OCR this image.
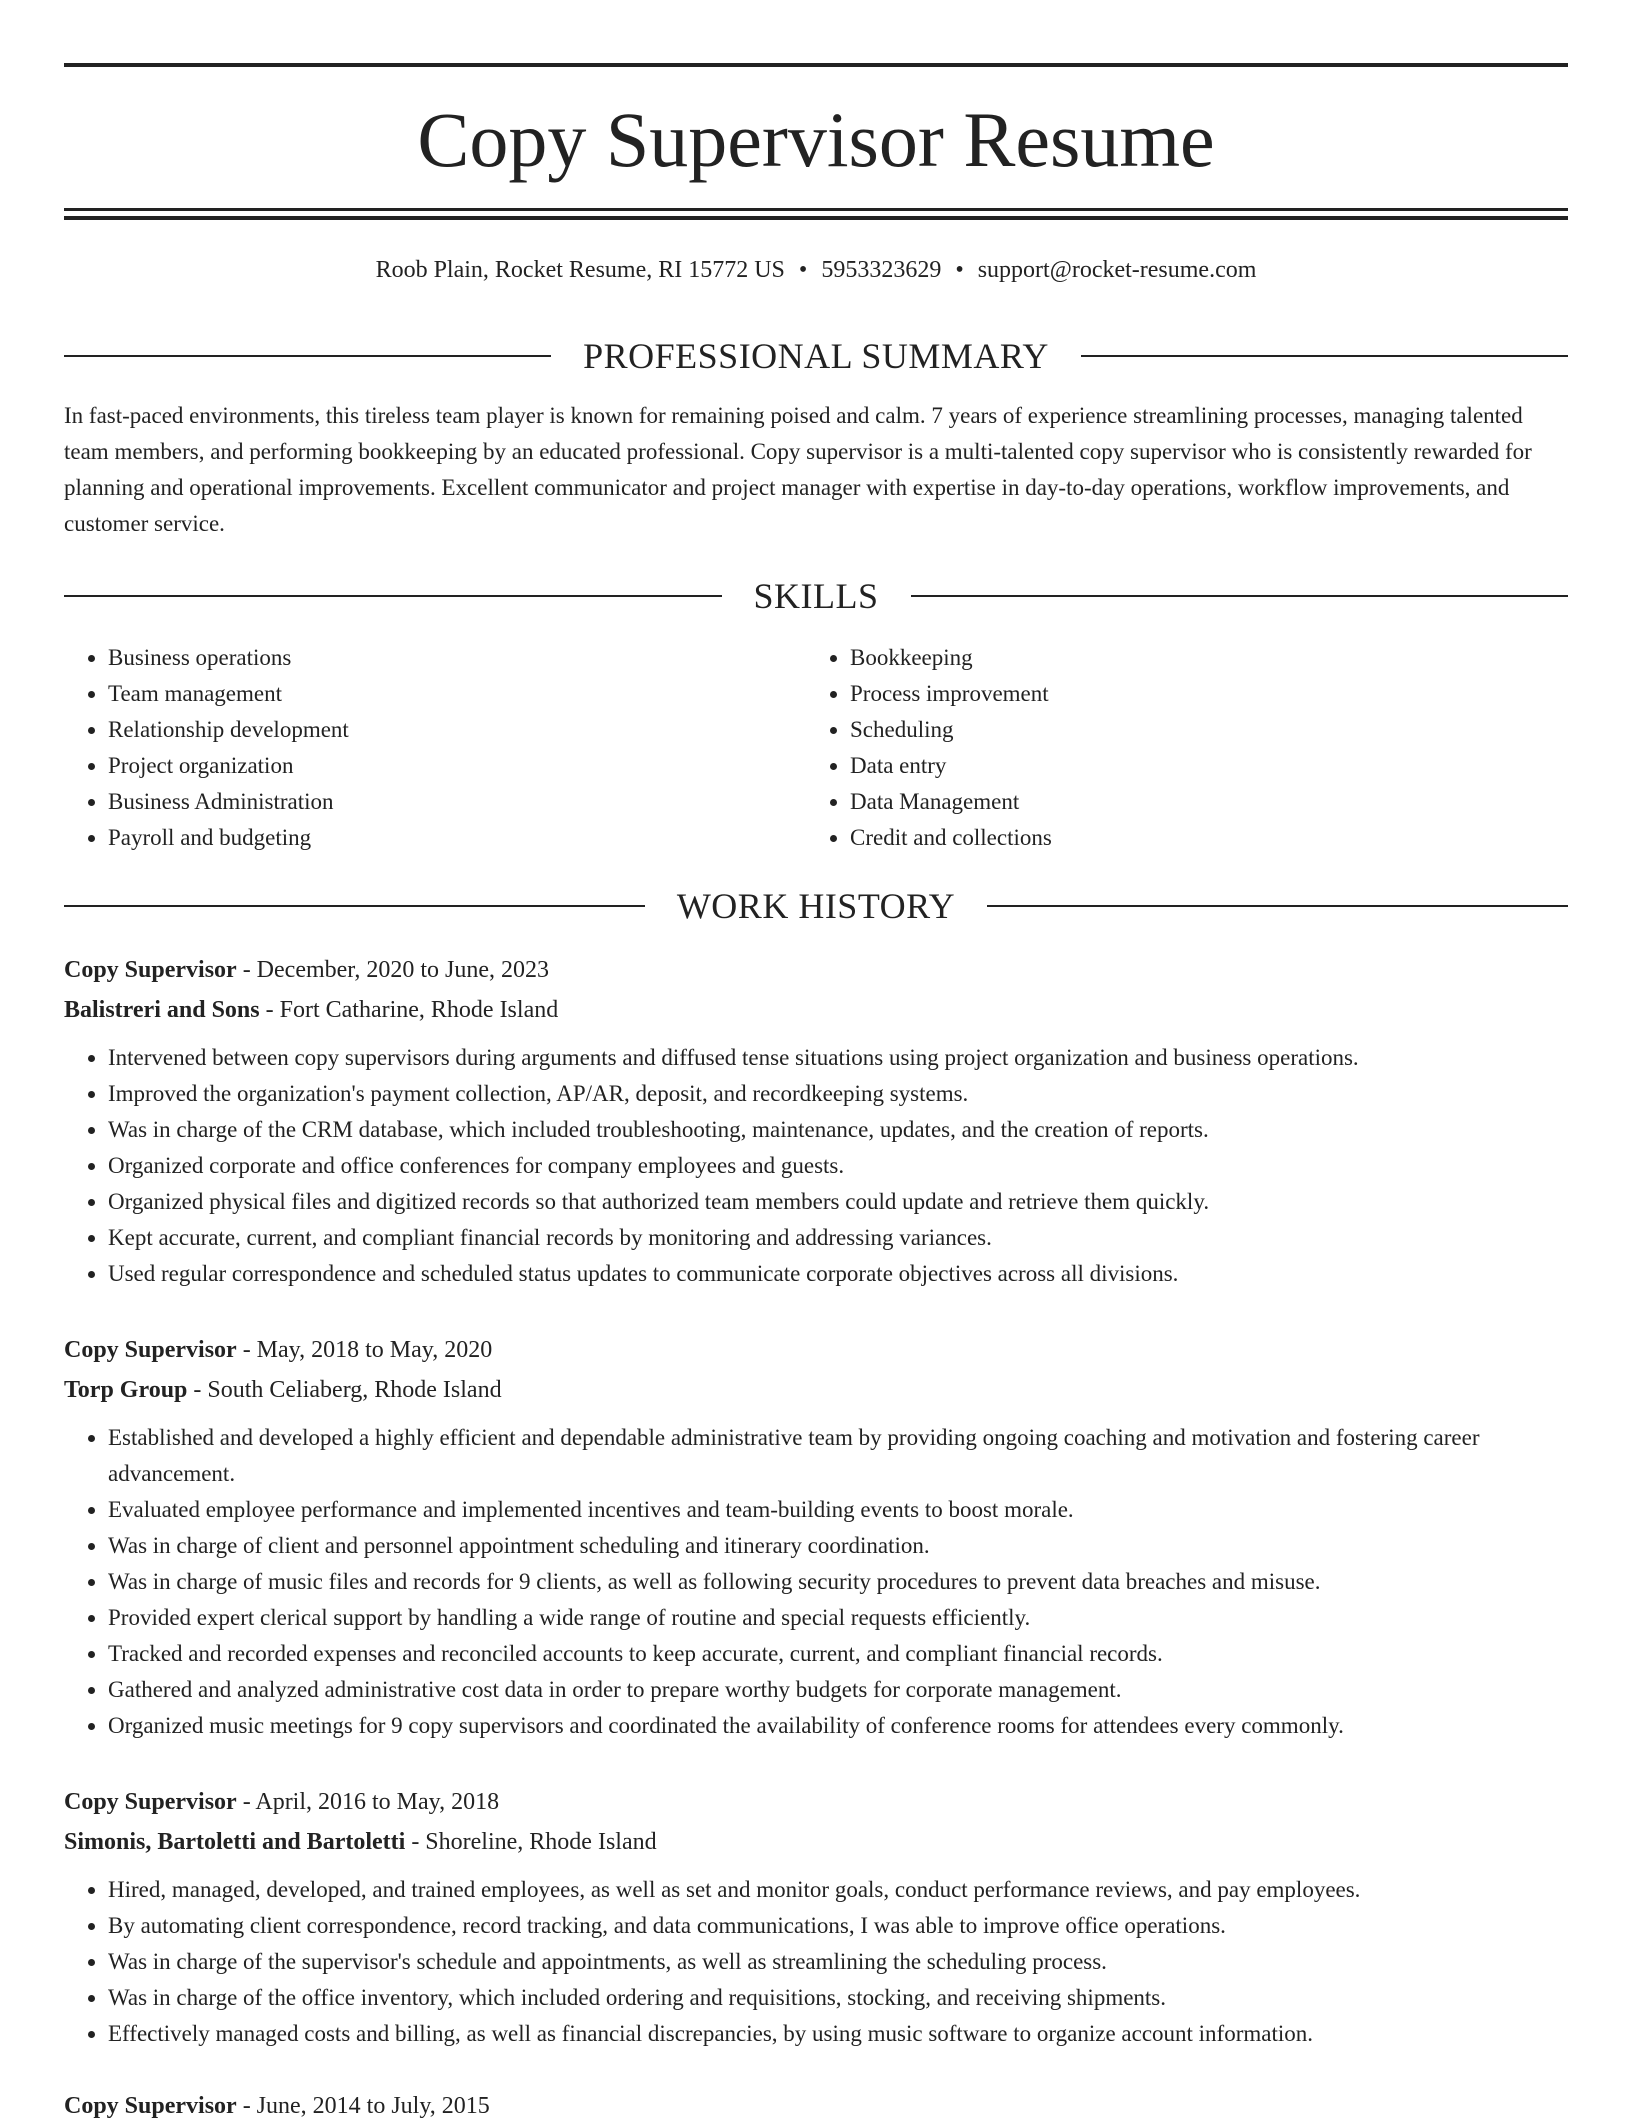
Copy Supervisor Resume
Roob Plain, Rocket Resume, RI 15772 US • 5953323629 • support@rocket-resume.com
PROFESSIONAL SUMMARY

In fast-paced environments, this tireless team player is known for remaining poised and calm. 7 years of experience streamlining processes, managing talented team members, and performing bookkeeping by an educated professional. Copy supervisor is a multi-talented copy supervisor who is consistently rewarded for planning and operational improvements. Excellent communicator and project manager with expertise in day-to-day operations, workflow improvements, and customer service.

SKILLS
• Business operations
• Team management
• Relationship development
• Project organization
• Business Administration
• Payroll and budgeting
• Bookkeeping
• Process improvement
• Scheduling
• Data entry
• Data Management
• Credit and collections
WORK HISTORY
Copy Supervisor - December, 2020 to June, 2023
Balistreri and Sons - Fort Catharine, Rhode Island
• Intervened between copy supervisors during arguments and diffused tense situations using project organization and business operations.
• Improved the organization's payment collection, AP/AR, deposit, and recordkeeping systems.
• Was in charge of the CRM database, which included troubleshooting, maintenance, updates, and the creation of reports.
• Organized corporate and office conferences for company employees and guests.
• Organized physical files and digitized records so that authorized team members could update and retrieve them quickly.
• Kept accurate, current, and compliant financial records by monitoring and addressing variances.
• Used regular correspondence and scheduled status updates to communicate corporate objectives across all divisions.
Copy Supervisor - May, 2018 to May, 2020
Torp Group - South Celiaberg, Rhode Island
• Established and developed a highly efficient and dependable administrative team by providing ongoing coaching and motivation and fostering career advancement.
• Evaluated employee performance and implemented incentives and team-building events to boost morale.
• Was in charge of client and personnel appointment scheduling and itinerary coordination.
• Was in charge of music files and records for 9 clients, as well as following security procedures to prevent data breaches and misuse.
• Provided expert clerical support by handling a wide range of routine and special requests efficiently.
• Tracked and recorded expenses and reconciled accounts to keep accurate, current, and compliant financial records.
• Gathered and analyzed administrative cost data in order to prepare worthy budgets for corporate management.
• Organized music meetings for 9 copy supervisors and coordinated the availability of conference rooms for attendees every commonly.
Copy Supervisor - April, 2016 to May, 2018
Simonis, Bartoletti and Bartoletti - Shoreline, Rhode Island
• Hired, managed, developed, and trained employees, as well as set and monitor goals, conduct performance reviews, and pay employees.
• By automating client correspondence, record tracking, and data communications, I was able to improve office operations.
• Was in charge of the supervisor's schedule and appointments, as well as streamlining the scheduling process.
• Was in charge of the office inventory, which included ordering and requisitions, stocking, and receiving shipments.
• Effectively managed costs and billing, as well as financial discrepancies, by using music software to organize account information.
Copy Supervisor - June, 2014 to July, 2015
